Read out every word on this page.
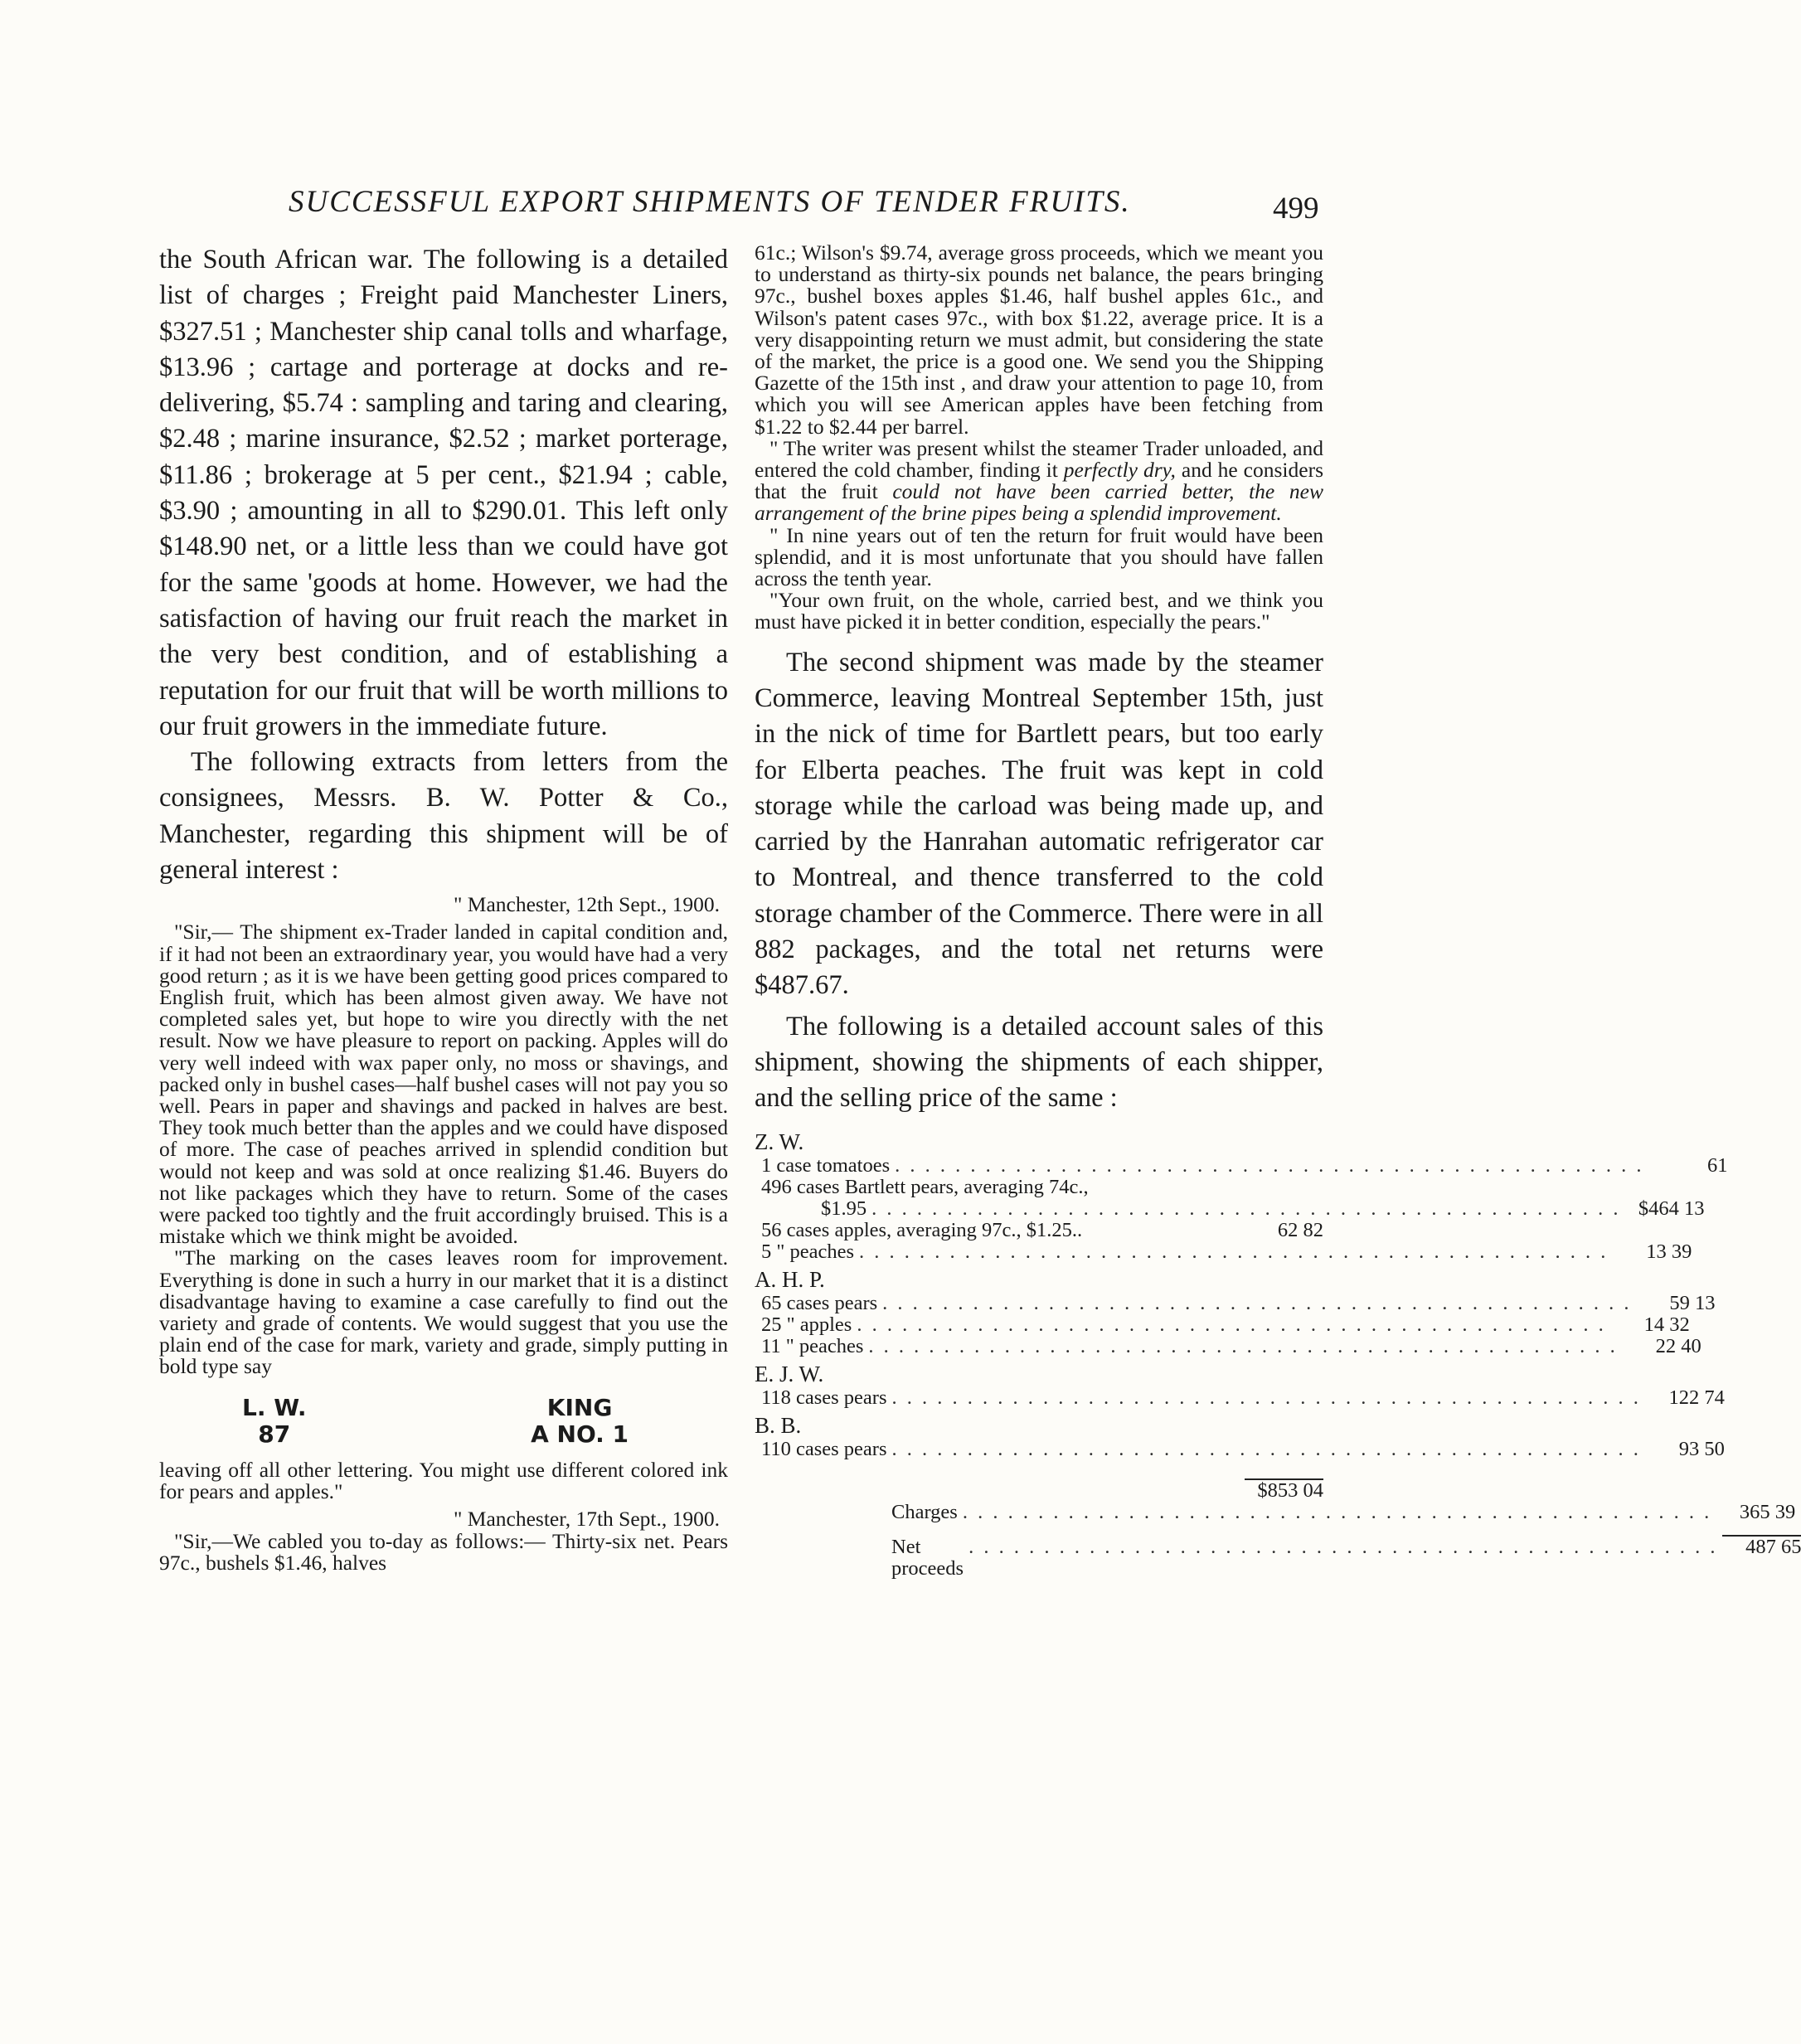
SUCCESSFUL EXPORT SHIPMENTS OF TENDER FRUITS.	499

the South African war. The following is a detailed list of charges ; Freight paid Manchester Liners, $327.51 ; Manchester ship canal tolls and wharfage, $13.96 ; cartage and porterage at docks and re-delivering, $5.74 : sampling and taring and clearing, $2.48 ; marine insurance, $2.52 ; market porterage, $11.86 ; brokerage at 5 per cent., $21.94 ; cable, $3.90 ; amounting in all to $290.01. This left only $148.90 net, or a little less than we could have got for the same 'goods at home. However, we had the satisfaction of having our fruit reach the market in the very best condition, and of establishing a reputation for our fruit that will be worth millions to our fruit growers in the immediate future.

The following extracts from letters from the consignees, Messrs. B. W. Potter & Co., Manchester, regarding this shipment will be of general interest :

" Manchester, 12th Sept., 1900.

"Sir,— The shipment ex-Trader landed in capital condition and, if it had not been an extraordinary year, you would have had a very good return ; as it is we have been getting good prices compared to English fruit, which has been almost given away. We have not completed sales yet, but hope to wire you directly with the net result. Now we have pleasure to report on packing. Apples will do very well indeed with wax paper only, no moss or shavings, and packed only in bushel cases—half bushel cases will not pay you so well. Pears in paper and shavings and packed in halves are best. They took much better than the apples and we could have disposed of more. The case of peaches arrived in splendid condition but would not keep and was sold at once realizing $1.46. Buyers do not like packages which they have to return. Some of the cases were packed too tightly and the fruit accordingly bruised. This is a mistake which we think might be avoided.

"The marking on the cases leaves room for improvement. Everything is done in such a hurry in our market that it is a distinct disadvantage having to examine a case carefully to find out the variety and grade of contents. We would suggest that you use the plain end of the case for mark, variety and grade, simply putting in bold type say

L. W.
87
KING
A NO. 1

leaving off all other lettering. You might use different colored ink for pears and apples."

" Manchester, 17th Sept., 1900.

"Sir,—We cabled you to-day as follows:— Thirty-six net. Pears 97c., bushels $1.46, halves

61c.; Wilson's $9.74, average gross proceeds, which we meant you to understand as thirty-six pounds net balance, the pears bringing 97c., bushel boxes apples $1.46, half bushel apples 61c., and Wilson's patent cases 97c., with box $1.22, average price. It is a very disappointing return we must admit, but considering the state of the market, the price is a good one. We send you the Shipping Gazette of the 15th inst , and draw your attention to page 10, from which you will see American apples have been fetching from $1.22 to $2.44 per barrel.

" The writer was present whilst the steamer Trader unloaded, and entered the cold chamber, finding it perfectly dry, and he considers that the fruit could not have been carried better, the new arrangement of the brine pipes being a splendid improvement.

" In nine years out of ten the return for fruit would have been splendid, and it is most unfortunate that you should have fallen across the tenth year.

"Your own fruit, on the whole, carried best, and we think you must have picked it in better condition, especially the pears."

The second shipment was made by the steamer Commerce, leaving Montreal September 15th, just in the nick of time for Bartlett pears, but too early for Elberta peaches. The fruit was kept in cold storage while the carload was being made up, and carried by the Hanrahan automatic refrigerator car to Montreal, and thence transferred to the cold storage chamber of the Commerce. There were in all 882 packages, and the total net returns were $487.67.

The following is a detailed account sales of this shipment, showing the shipments of each shipper, and the selling price of the same :

Z. W.
1 case tomatoes . . . . . . . . . . . . . . . . . . . . . . . . . . . . . . . . . . . . . . . . . . . . . . . . . .	61
496 cases Bartlett pears, averaging 74c.,
$1.95 . . . . . . . . . . . . . . . . . . . . . . . . . . . . . . . . . . . . . . . . . . . . . . . . . . $464 13
56 cases apples, averaging 97c., $1.25..	62 82
5 " peaches . . . . . . . . . . . . . . . . . . . . . . . . . . . . . . . . . . . . . . . . . . . . . . . . . .	13 39
A. H. P.
65 cases pears . . . . . . . . . . . . . . . . . . . . . . . . . . . . . . . . . . . . . . . . . . . . . . . . . .	59 13
25 " apples . . . . . . . . . . . . . . . . . . . . . . . . . . . . . . . . . . . . . . . . . . . . . . . . . .	14 32
11 " peaches . . . . . . . . . . . . . . . . . . . . . . . . . . . . . . . . . . . . . . . . . . . . . . . . . .	22 40
E. J. W.
118 cases pears . . . . . . . . . . . . . . . . . . . . . . . . . . . . . . . . . . . . . . . . . . . . . . . . . .	122 74
B. B.
110 cases pears . . . . . . . . . . . . . . . . . . . . . . . . . . . . . . . . . . . . . . . . . . . . . . . . . .	93 50
$853 04
Charges . . . . . . . . . . . . . . . . . . . . . . . . . . . . . . . . . . . . . . . . . . . . . . . . . .	365 39
Net proceeds
. . . . . . . . . . . . . . . . . . . . . . . . . . . . . . . . . . . . . . . . . . . . . . . . . .	487 65
